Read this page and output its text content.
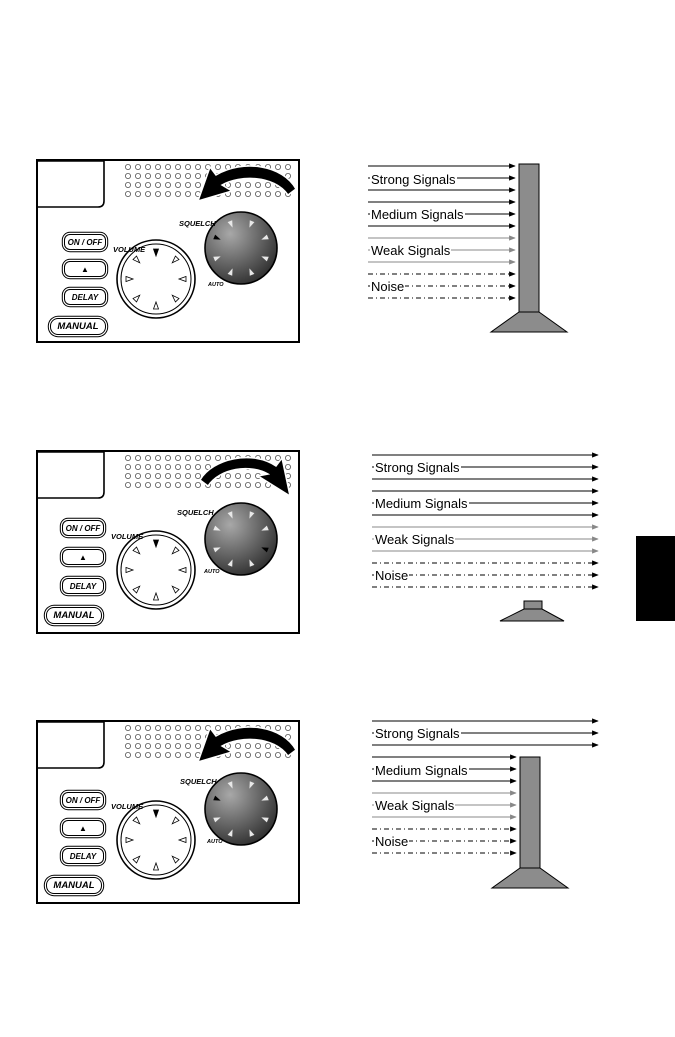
ON / OFF
▲
DELAY
MANUAL
VOLUME
SQUELCH
AUTO
ON / OFF
▲
DELAY
MANUAL
VOLUME
SQUELCH
AUTO
ON / OFF
▲
DELAY
MANUAL
VOLUME
SQUELCH
AUTO
Strong Signals
Medium Signals
Weak Signals
Noise
Strong Signals
Medium Signals
Weak Signals
Noise
Strong Signals
Medium Signals
Weak Signals
Noise
